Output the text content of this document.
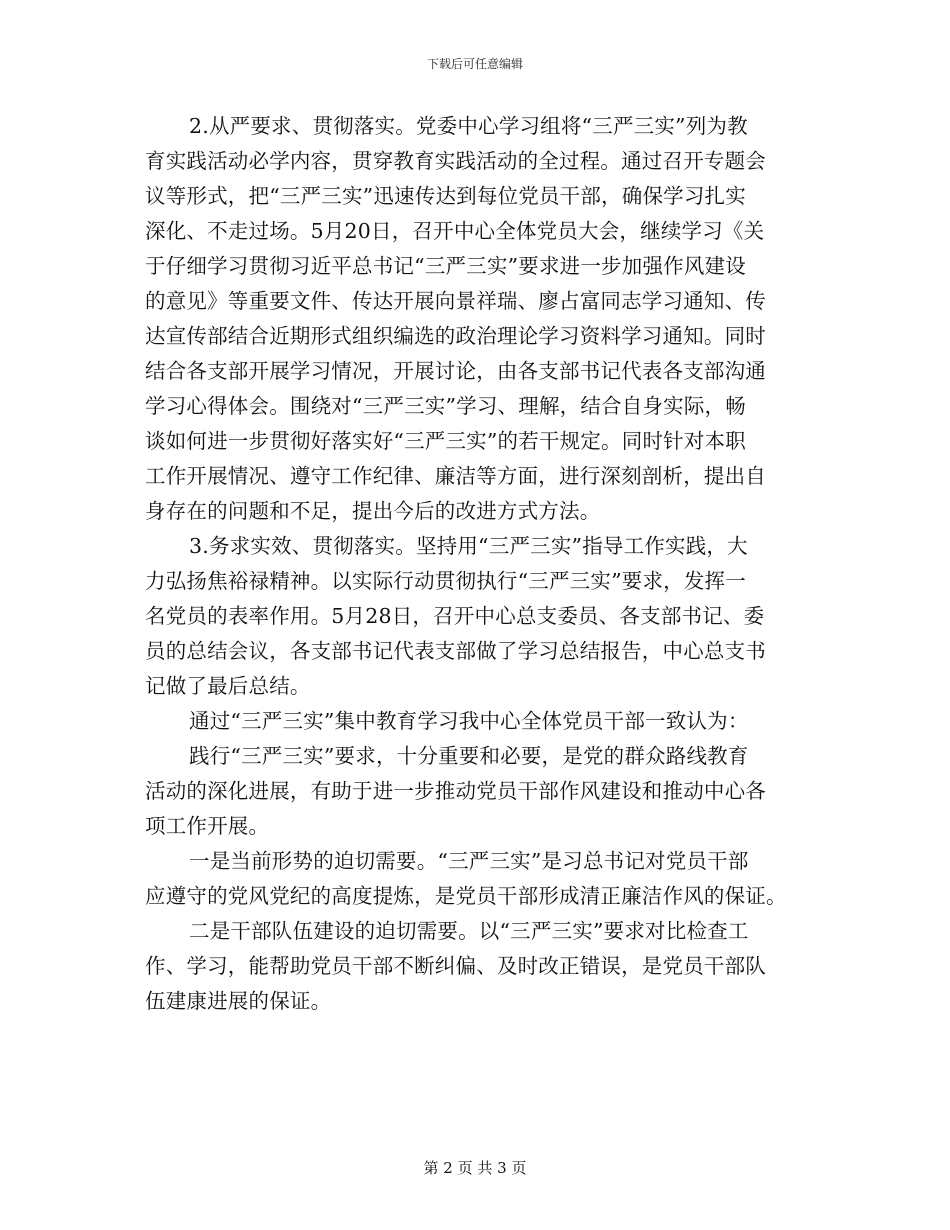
下载后可任意编辑
2.从严要求、贯彻落实。党委中心学习组将“三严三实”列为教
育实践活动必学内容，贯穿教育实践活动的全过程。通过召开专题会
议等形式，把“三严三实”迅速传达到每位党员干部，确保学习扎实
深化、不走过场。5月20日，召开中心全体党员大会，继续学习《关
于仔细学习贯彻习近平总书记“三严三实”要求进一步加强作风建设
的意见》等重要文件、传达开展向景祥瑞、廖占富同志学习通知、传
达宣传部结合近期形式组织编选的政治理论学习资料学习通知。同时
结合各支部开展学习情况，开展讨论，由各支部书记代表各支部沟通
学习心得体会。围绕对“三严三实”学习、理解，结合自身实际，畅
谈如何进一步贯彻好落实好“三严三实”的若干规定。同时针对本职
工作开展情况、遵守工作纪律、廉洁等方面，进行深刻剖析，提出自
身存在的问题和不足，提出今后的改进方式方法。
3.务求实效、贯彻落实。坚持用“三严三实”指导工作实践，大
力弘扬焦裕禄精神。以实际行动贯彻执行“三严三实”要求，发挥一
名党员的表率作用。5月28日，召开中心总支委员、各支部书记、委
员的总结会议，各支部书记代表支部做了学习总结报告，中心总支书
记做了最后总结。
通过“三严三实”集中教育学习我中心全体党员干部一致认为：
践行“三严三实”要求，十分重要和必要，是党的群众路线教育
活动的深化进展，有助于进一步推动党员干部作风建设和推动中心各
项工作开展。
一是当前形势的迫切需要。“三严三实”是习总书记对党员干部
应遵守的党风党纪的高度提炼，是党员干部形成清正廉洁作风的保证。
二是干部队伍建设的迫切需要。以“三严三实”要求对比检查工
作、学习，能帮助党员干部不断纠偏、及时改正错误，是党员干部队
伍建康进展的保证。
第 2 页 共 3 页
